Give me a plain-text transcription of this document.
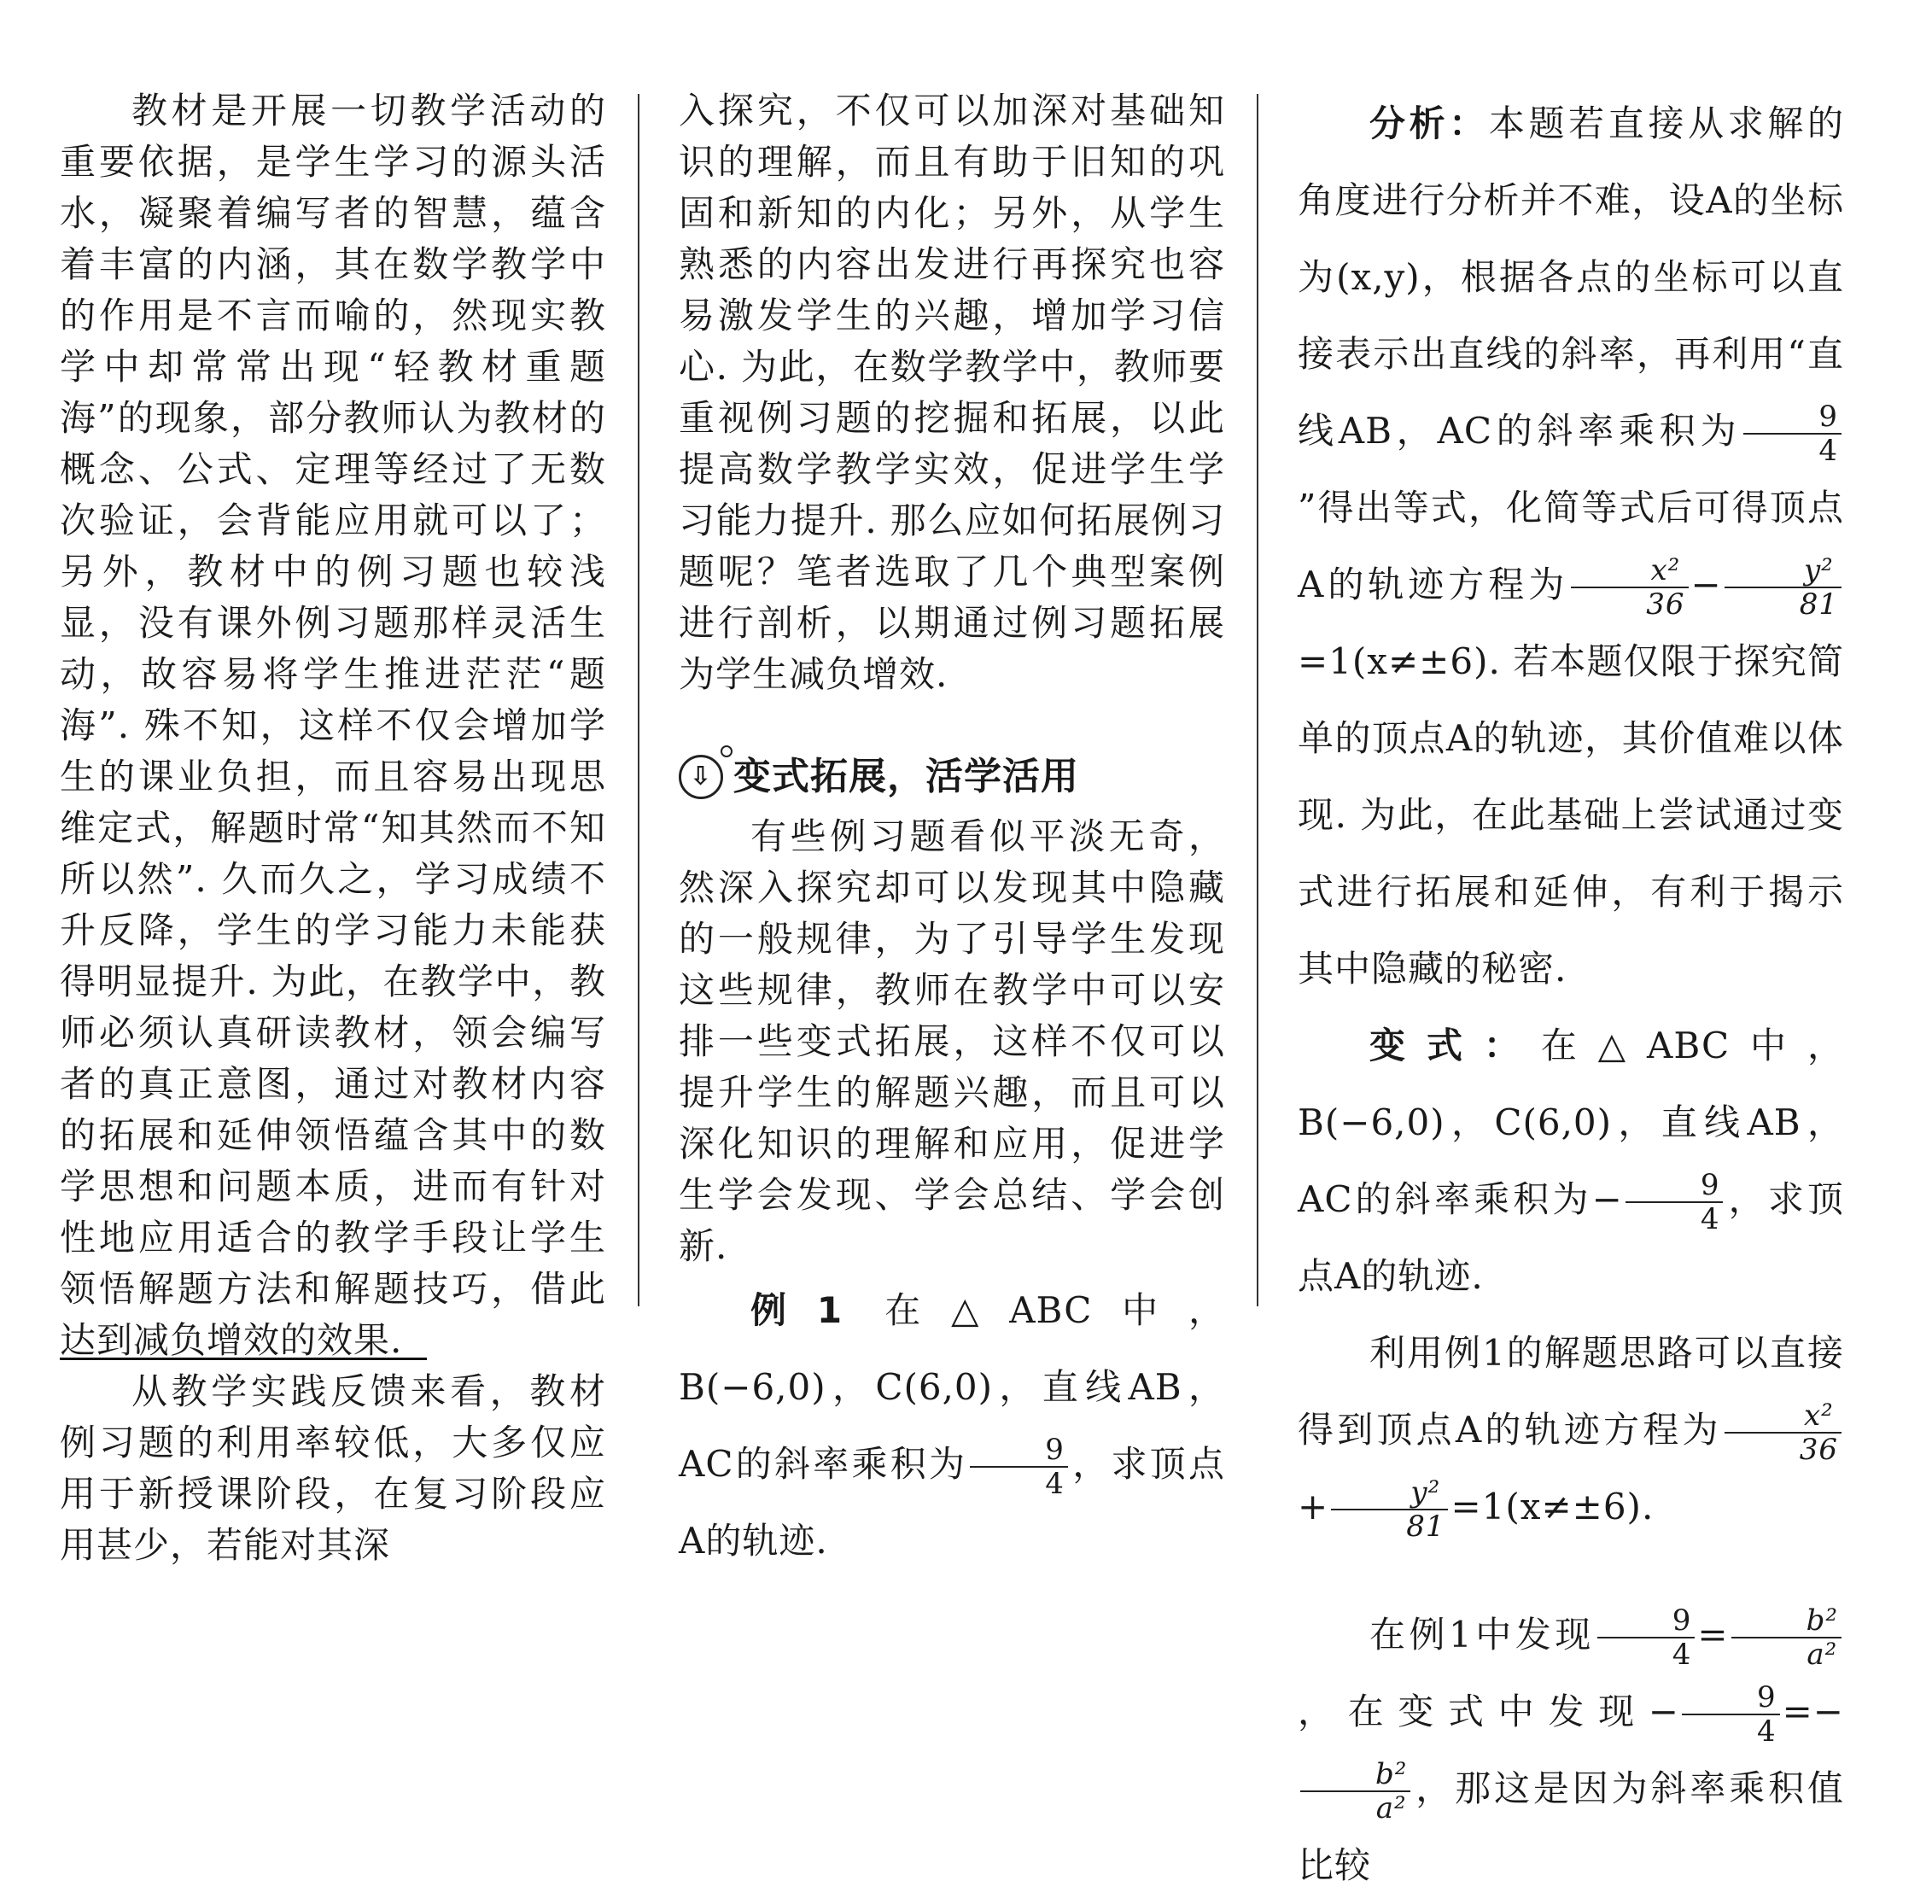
教材是开展一切教学活动的重要依据，是学生学习的源头活水，凝聚着编写者的智慧，蕴含着丰富的内涵，其在数学教学中的作用是不言而喻的，然现实教学中却常常出现“轻教材重题海”的现象，部分教师认为教材的概念、公式、定理等经过了无数次验证，会背能应用就可以了；另外，教材中的例习题也较浅显，没有课外例习题那样灵活生动，故容易将学生推进茫茫“题海”. 殊不知，这样不仅会增加学生的课业负担，而且容易出现思维定式，解题时常“知其然而不知所以然”. 久而久之，学习成绩不升反降，学生的学习能力未能获得明显提升. 为此，在教学中，教师必须认真研读教材，领会编写者的真正意图，通过对教材内容的拓展和延伸领悟蕴含其中的数学思想和问题本质，进而有针对性地应用适合的教学手段让学生领悟解题方法和解题技巧，借此达到减负增效的效果.

从教学实践反馈来看，教材例习题的利用率较低，大多仅应用于新授课阶段，在复习阶段应用甚少，若能对其深

入探究，不仅可以加深对基础知识的理解，而且有助于旧知的巩固和新知的内化；另外，从学生熟悉的内容出发进行再探究也容易激发学生的兴趣，增加学习信心. 为此，在数学教学中，教师要重视例习题的挖掘和拓展，以此提高数学教学实效，促进学生学习能力提升. 那么应如何拓展例习题呢？笔者选取了几个典型案例进行剖析，以期通过例习题拓展为学生减负增效.

⇩ 变式拓展，活学活用

有些例习题看似平淡无奇，然深入探究却可以发现其中隐藏的一般规律，为了引导学生发现这些规律，教师在教学中可以安排一些变式拓展，这样不仅可以提升学生的解题兴趣，而且可以深化知识的理解和应用，促进学生学会发现、学会总结、学会创新.

例1 在△ABC中，B(−6,0)，C(6,0)，直线AB，AC的斜率乘积为 $\frac{9}{4}$ ，求顶点A的轨迹.

分析：本题若直接从求解的角度进行分析并不难，设A的坐标为(x,y)，根据各点的坐标可以直接表示出直线的斜率，再利用“直线AB，AC的斜率乘积为 $\frac{9}{4}$
”得出等式，化简等式后可得顶点A的轨迹方程为 $\frac{\text{x²}}{36} - \frac{\text{y²}}{81}$
=1(x≠±6). 若本题仅限于探究简单的顶点A的轨迹，其价值难以体现. 为此，在此基础上尝试通过变式进行拓展和延伸，有利于揭示其中隐藏的秘密.

变式：在△ABC中，B(−6,0)，C(6,0)，直线AB，AC的斜率乘积为− $\frac{9}{4}$ ，求顶点A的轨迹.

利用例1的解题思路可以直接得到顶点A的轨迹方程为 $\frac{\text{x²}}{36}$
+ $\frac{\text{y²}}{81} =1(x\ne\pm 6)$.

在例1中发现 $\frac{9}{4} = \frac{\text{b²}}{\text{a²}}$
，在变式中发现− $\frac{9}{4}$ =−
$\frac{\text{b²}}{\text{a²}}$ ，那这是因为斜率乘积值比较
